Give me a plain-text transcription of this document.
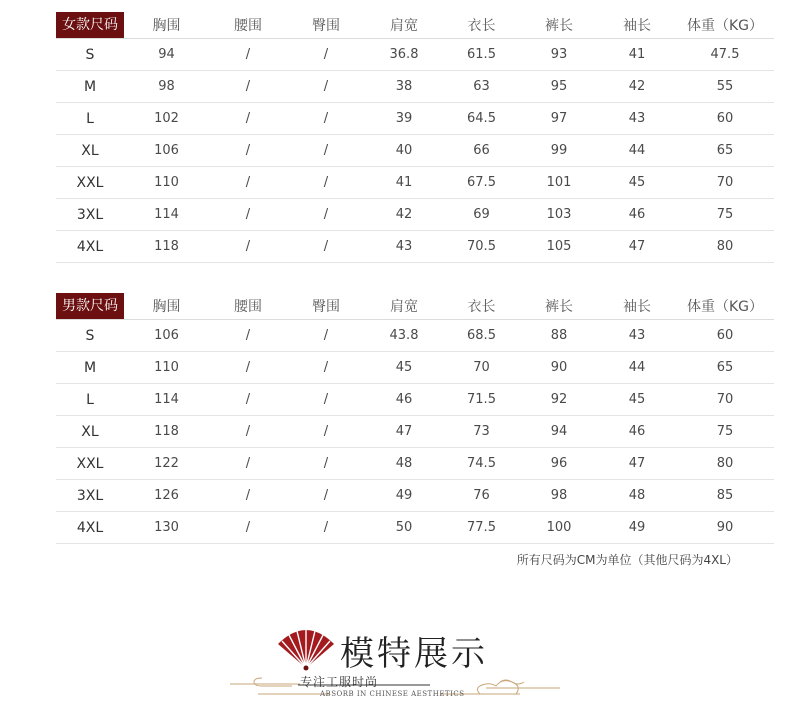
女款尺码	胸围	腰围	臀围	肩宽	衣长	裤长	袖长	体重（KG）
S	94	/	/	36.8	61.5	93	41	47.5
M	98	/	/	38	63	95	42	55
L	102	/	/	39	64.5	97	43	60
XL	106	/	/	40	66	99	44	65
XXL	110	/	/	41	67.5	101	45	70
3XL	114	/	/	42	69	103	46	75
4XL	118	/	/	43	70.5	105	47	80
男款尺码	胸围	腰围	臀围	肩宽	衣长	裤长	袖长	体重（KG）
S	106	/	/	43.8	68.5	88	43	60
M	110	/	/	45	70	90	44	65
L	114	/	/	46	71.5	92	45	70
XL	118	/	/	47	73	94	46	75
XXL	122	/	/	48	74.5	96	47	80
3XL	126	/	/	49	76	98	48	85
4XL	130	/	/	50	77.5	100	49	90
所有尺码为CM为单位（其他尺码为4XL）
模特展示
专注工服时尚
ABSORB IN CHINESE AESTHETICS
